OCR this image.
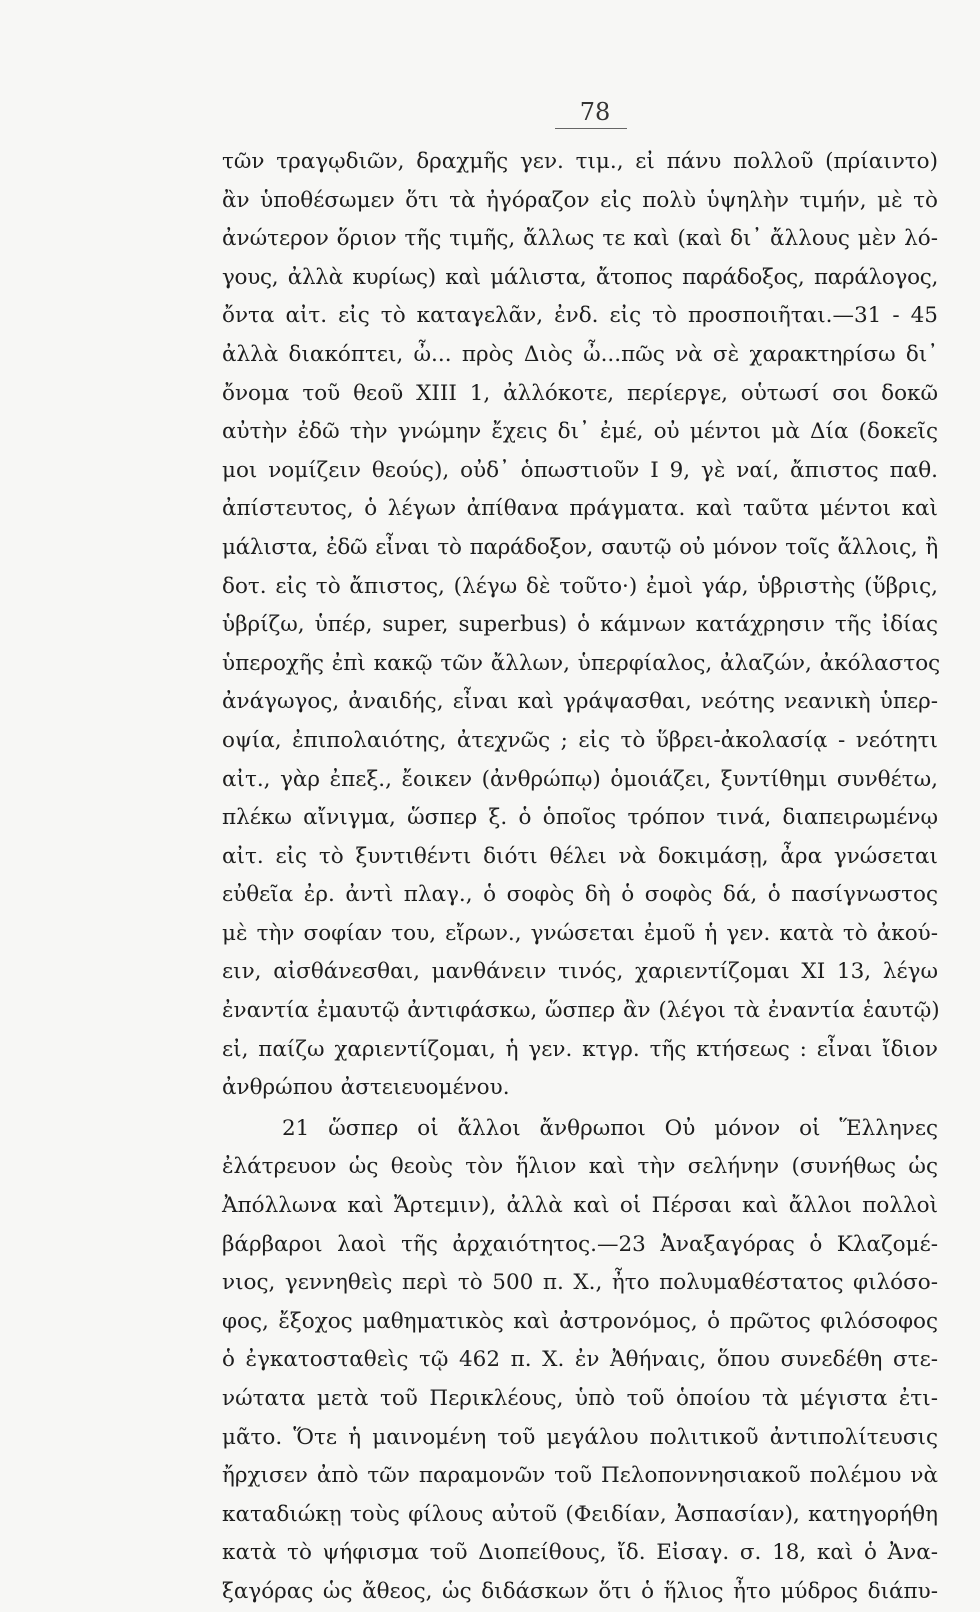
78
τῶν τραγῳδιῶν, δραχμῆς γεν. τιμ., εἰ πάνυ πολλοῦ (πρίαιντο)
ἂν ὑποθέσωμεν ὅτι τὰ ἠγόραζον εἰς πολὺ ὑψηλὴν τιμήν, μὲ τὸ
ἀνώτερον ὅριον τῆς τιμῆς, ἄλλως τε καὶ (καὶ δι᾽ ἄλλους μὲν λό-
γους, ἀλλὰ κυρίως) καὶ μάλιστα, ἄτοπος παράδοξος, παράλογος,
ὄντα αἰτ. εἰς τὸ καταγελᾶν, ἐνδ. εἰς τὸ προσποιῆται.—31 - 45
ἀλλὰ διακόπτει, ὦ... πρὸς Διὸς ὦ...πῶς νὰ σὲ χαρακτηρίσω δι᾽
ὄνομα τοῦ θεοῦ XIII 1, ἀλλόκοτε, περίεργε, οὑτωσί σοι δοκῶ
αὐτὴν ἐδῶ τὴν γνώμην ἔχεις δι᾽ ἐμέ, οὐ μέντοι μὰ Δία (δοκεῖς
μοι νομίζειν θεούς), οὐδ᾽ ὁπωστιοῦν I 9, γὲ ναί, ἄπιστος παθ.
ἀπίστευτος, ὁ λέγων ἀπίθανα πράγματα. καὶ ταῦτα μέντοι καὶ
μάλιστα, ἐδῶ εἶναι τὸ παράδοξον, σαυτῷ οὐ μόνον τοῖς ἄλλοις, ἢ
δοτ. εἰς τὸ ἄπιστος, (λέγω δὲ τοῦτο·) ἐμοὶ γάρ, ὑβριστὴς (ὕβρις,
ὑβρίζω, ὑπέρ, super, superbus) ὁ κάμνων κατάχρησιν τῆς ἰδίας
ὑπεροχῆς ἐπὶ κακῷ τῶν ἄλλων, ὑπερφίαλος, ἀλαζών, ἀκόλαστος
ἀνάγωγος, ἀναιδής, εἶναι καὶ γράψασθαι, νεότης νεανικὴ ὑπερ-
οψία, ἐπιπολαιότης, ἀτεχνῶς ; εἰς τὸ ὕβρει-ἀκολασίᾳ - νεότητι
αἰτ., γὰρ ἐπεξ., ἔοικεν (ἀνθρώπῳ) ὁμοιάζει, ξυντίθημι συνθέτω,
πλέκω αἴνιγμα, ὥσπερ ξ. ὁ ὁποῖος τρόπον τινά, διαπειρωμένῳ
αἰτ. εἰς τὸ ξυντιθέντι διότι θέλει νὰ δοκιμάσῃ, ἆρα γνώσεται
εὐθεῖα ἐρ. ἀντὶ πλαγ., ὁ σοφὸς δὴ ὁ σοφὸς δά, ὁ πασίγνωστος
μὲ τὴν σοφίαν του, εἴρων., γνώσεται ἐμοῦ ἡ γεν. κατὰ τὸ ἀκού-
ειν, αἰσθάνεσθαι, μανθάνειν τινός, χαριεντίζομαι XI 13, λέγω
ἐναντία ἐμαυτῷ ἀντιφάσκω, ὥσπερ ἂν (λέγοι τὰ ἐναντία ἑαυτῷ)
εἰ, παίζω χαριεντίζομαι, ἡ γεν. κτγρ. τῆς κτήσεως : εἶναι ἴδιον
ἀνθρώπου ἀστειευομένου.
21 ὥσπερ οἱ ἄλλοι ἄνθρωποι Οὐ μόνον οἱ Ἕλληνες
ἐλάτρευον ὡς θεοὺς τὸν ἥλιον καὶ τὴν σελήνην (συνήθως ὡς
Ἀπόλλωνα καὶ Ἄρτεμιν), ἀλλὰ καὶ οἱ Πέρσαι καὶ ἄλλοι πολλοὶ
βάρβαροι λαοὶ τῆς ἀρχαιότητος.—23 Ἀναξαγόρας ὁ Κλαζομέ-
νιος, γεννηθεὶς περὶ τὸ 500 π. Χ., ἦτο πολυμαθέστατος φιλόσο-
φος, ἔξοχος μαθηματικὸς καὶ ἀστρονόμος, ὁ πρῶτος φιλόσοφος
ὁ ἐγκατοσταθεὶς τῷ 462 π. Χ. ἐν Ἀθήναις, ὅπου συνεδέθη στε-
νώτατα μετὰ τοῦ Περικλέους, ὑπὸ τοῦ ὁποίου τὰ μέγιστα ἐτι-
μᾶτο. Ὅτε ἡ μαινομένη τοῦ μεγάλου πολιτικοῦ ἀντιπολίτευσις
ἤρχισεν ἀπὸ τῶν παραμονῶν τοῦ Πελοποννησιακοῦ πολέμου νὰ
καταδιώκῃ τοὺς φίλους αὐτοῦ (Φειδίαν, Ἀσπασίαν), κατηγορήθη
κατὰ τὸ ψήφισμα τοῦ Διοπείθους, ἴδ. Εἰσαγ. σ. 18, καὶ ὁ Ἀνα-
ξαγόρας ὡς ἄθεος, ὡς διδάσκων ὅτι ὁ ἥλιος ἦτο μύδρος διάπυ-
